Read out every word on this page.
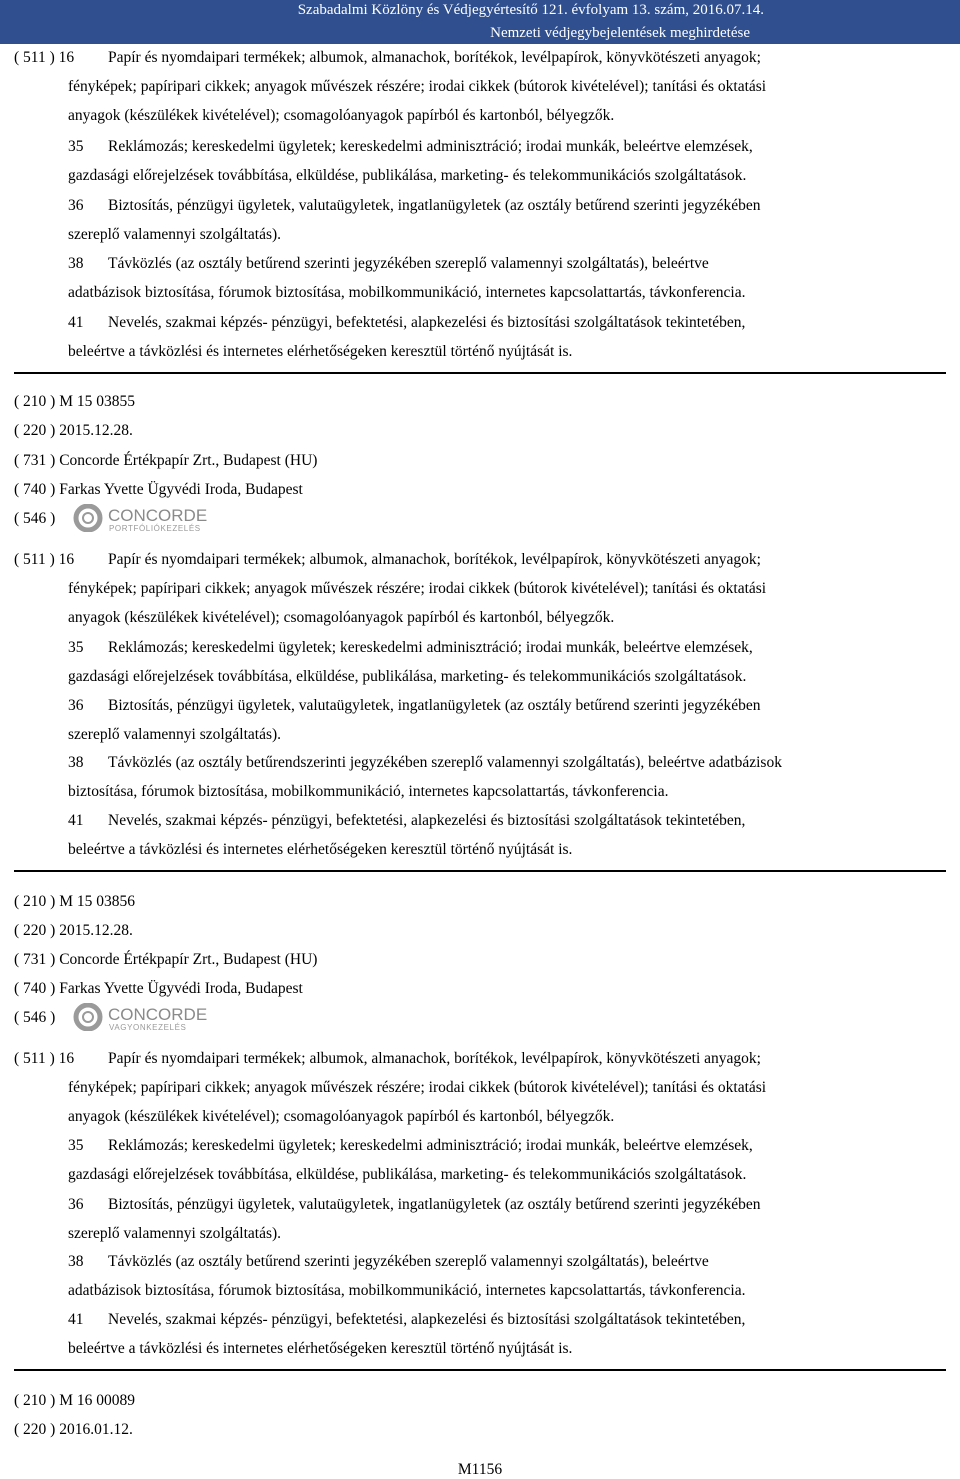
Szabadalmi Közlöny és Védjegyértesítő 121. évfolyam 13. szám, 2016.07.14.
Nemzeti védjegybejelentések meghirdetése
( 511 ) 16 Papír és nyomdaipari termékek; albumok, almanachok, borítékok, levélpapírok, könyvkötészeti anyagok;
fényképek; papíripari cikkek; anyagok művészek részére; irodai cikkek (bútorok kivételével); tanítási és oktatási
anyagok (készülékek kivételével); csomagolóanyagok papírból és kartonból, bélyegzők.
35 Reklámozás; kereskedelmi ügyletek; kereskedelmi adminisztráció; irodai munkák, beleértve elemzések,
gazdasági előrejelzések továbbítása, elküldése, publikálása, marketing- és telekommunikációs szolgáltatások.
36 Biztosítás, pénzügyi ügyletek, valutaügyletek, ingatlanügyletek (az osztály betűrend szerinti jegyzékében
szereplő valamennyi szolgáltatás).
38 Távközlés (az osztály betűrend szerinti jegyzékében szereplő valamennyi szolgáltatás), beleértve
adatbázisok biztosítása, fórumok biztosítása, mobilkommunikáció, internetes kapcsolattartás, távkonferencia.
41 Nevelés, szakmai képzés- pénzügyi, befektetési, alapkezelési és biztosítási szolgáltatások tekintetében,
beleértve a távközlési és internetes elérhetőségeken keresztül történő nyújtását is.
( 210 ) M 15 03855
( 220 ) 2015.12.28.
( 731 ) Concorde Értékpapír Zrt., Budapest (HU)
( 740 ) Farkas Yvette Ügyvédi Iroda, Budapest
( 546 )	CONCORDE
PORTFÓLIÓKEZELÉS
( 511 ) 16 Papír és nyomdaipari termékek; albumok, almanachok, borítékok, levélpapírok, könyvkötészeti anyagok;
fényképek; papíripari cikkek; anyagok művészek részére; irodai cikkek (bútorok kivételével); tanítási és oktatási
anyagok (készülékek kivételével); csomagolóanyagok papírból és kartonból, bélyegzők.
35 Reklámozás; kereskedelmi ügyletek; kereskedelmi adminisztráció; irodai munkák, beleértve elemzések,
gazdasági előrejelzések továbbítása, elküldése, publikálása, marketing- és telekommunikációs szolgáltatások.
36 Biztosítás, pénzügyi ügyletek, valutaügyletek, ingatlanügyletek (az osztály betűrend szerinti jegyzékében
szereplő valamennyi szolgáltatás).
38 Távközlés (az osztály betűrendszerinti jegyzékében szereplő valamennyi szolgáltatás), beleértve adatbázisok
biztosítása, fórumok biztosítása, mobilkommunikáció, internetes kapcsolattartás, távkonferencia.
41 Nevelés, szakmai képzés- pénzügyi, befektetési, alapkezelési és biztosítási szolgáltatások tekintetében,
beleértve a távközlési és internetes elérhetőségeken keresztül történő nyújtását is.
( 210 ) M 15 03856
( 220 ) 2015.12.28.
( 731 ) Concorde Értékpapír Zrt., Budapest (HU)
( 740 ) Farkas Yvette Ügyvédi Iroda, Budapest
( 546 )	CONCORDE
VAGYONKEZELÉS
( 511 ) 16 Papír és nyomdaipari termékek; albumok, almanachok, borítékok, levélpapírok, könyvkötészeti anyagok;
fényképek; papíripari cikkek; anyagok művészek részére; irodai cikkek (bútorok kivételével); tanítási és oktatási
anyagok (készülékek kivételével); csomagolóanyagok papírból és kartonból, bélyegzők.
35 Reklámozás; kereskedelmi ügyletek; kereskedelmi adminisztráció; irodai munkák, beleértve elemzések,
gazdasági előrejelzések továbbítása, elküldése, publikálása, marketing- és telekommunikációs szolgáltatások.
36 Biztosítás, pénzügyi ügyletek, valutaügyletek, ingatlanügyletek (az osztály betűrend szerinti jegyzékében
szereplő valamennyi szolgáltatás).
38 Távközlés (az osztály betűrend szerinti jegyzékében szereplő valamennyi szolgáltatás), beleértve
adatbázisok biztosítása, fórumok biztosítása, mobilkommunikáció, internetes kapcsolattartás, távkonferencia.
41 Nevelés, szakmai képzés- pénzügyi, befektetési, alapkezelési és biztosítási szolgáltatások tekintetében,
beleértve a távközlési és internetes elérhetőségeken keresztül történő nyújtását is.
( 210 ) M 16 00089
( 220 ) 2016.01.12.
M1156
